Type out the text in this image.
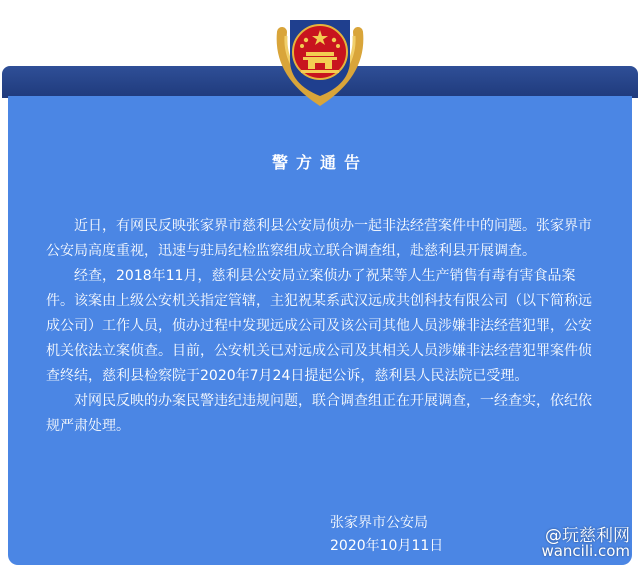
警方通告

近日，有网民反映张家界市慈利县公安局侦办一起非法经营案件中的问题。张家界市公安局高度重视，迅速与驻局纪检监察组成立联合调查组，赴慈利县开展调查。

经查，2018年11月，慈利县公安局立案侦办了祝某等人生产销售有毒有害食品案件。该案由上级公安机关指定管辖，主犯祝某系武汉远成共创科技有限公司（以下简称远成公司）工作人员，侦办过程中发现远成公司及该公司其他人员涉嫌非法经营犯罪，公安机关依法立案侦查。目前，公安机关已对远成公司及其相关人员涉嫌非法经营犯罪案件侦查终结，慈利县检察院于2020年7月24日提起公诉，慈利县人民法院已受理。

对网民反映的办案民警违纪违规问题，联合调查组正在开展调查，一经查实，依纪依规严肃处理。

张家界市公安局
2020年10月11日	@玩慈利网
wancili.com
